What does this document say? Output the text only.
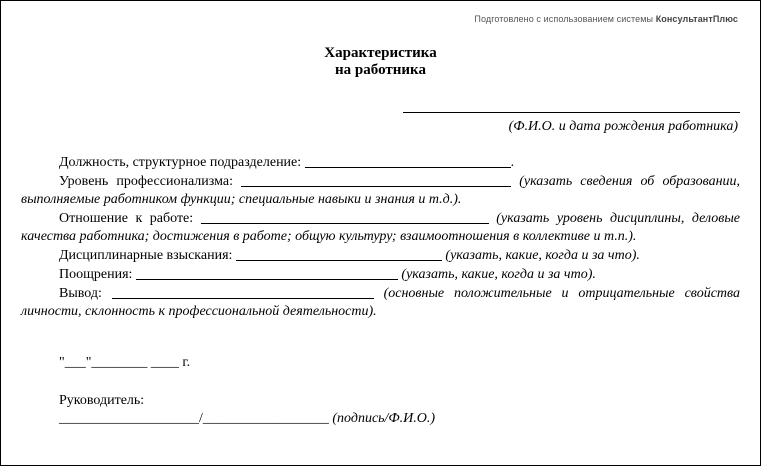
Подготовлено с использованием системы КонсультантПлюс
Характеристика
на работника
(Ф.И.О. и дата рождения работника)

Должность, структурное подразделение:	.

Уровень профессионализма:	(указать сведения об образовании, выполняемые работником функции; специальные навыки и знания и т.д.).

Отношение к работе:	(указать уровень дисциплины, деловые качества работника; достижения в работе; общую культуру; взаимоотношения в коллективе и т.п.).

Дисциплинарные взыскания:	(указать, какие, когда и за что).

Поощрения:	(указать, какие, когда и за что).

Вывод:	(основные положительные и отрицательные свойства личности, склонность к профессиональной деятельности).

"___"________ ____ г.
Руководитель:
____________________/__________________ (подпись/Ф.И.О.)
